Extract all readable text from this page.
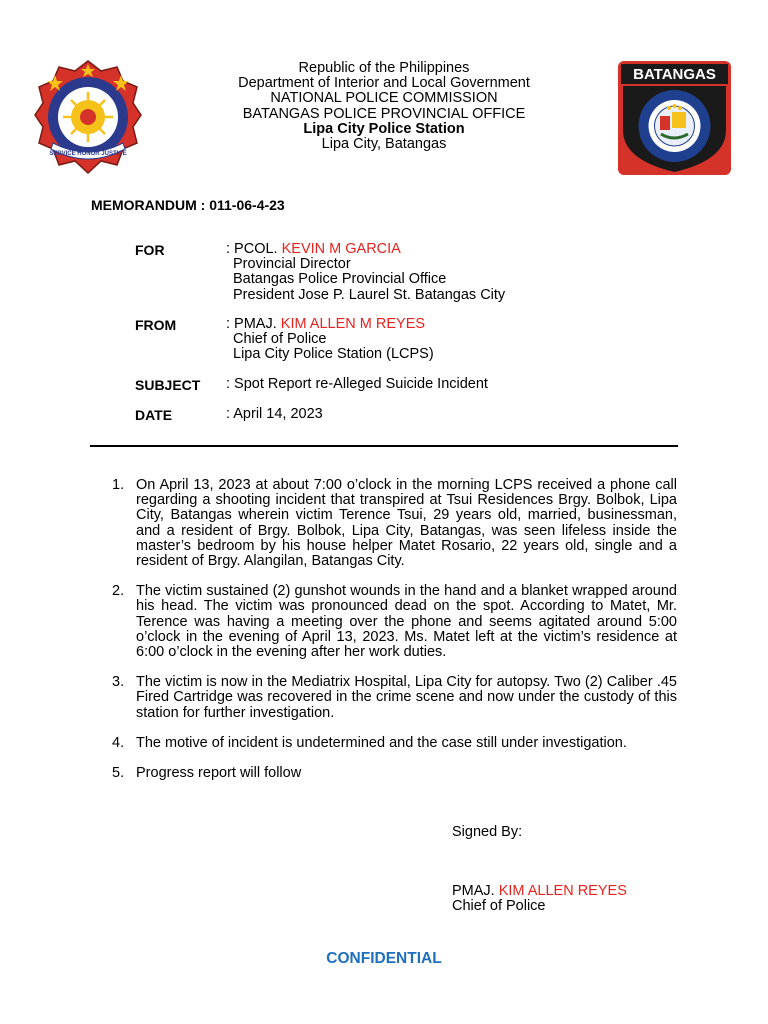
SERVICE HONOR JUSTICE
Republic of the Philippines
Department of Interior and Local Government
NATIONAL POLICE COMMISSION
BATANGAS POLICE PROVINCIAL OFFICE
Lipa City Police Station
Lipa City, Batangas
BATANGAS
MEMORANDUM : 011-06-4-23
FOR	: PCOL. KEVIN M GARCIA
Provincial Director
Batangas Police Provincial Office
President Jose P. Laurel St. Batangas City
FROM	: PMAJ. KIM ALLEN M REYES
Chief of Police
Lipa City Police Station (LCPS)
SUBJECT : Spot Report re-Alleged Suicide Incident
DATE	: April 14, 2023
1. On April 13, 2023 at about 7:00 o’clock in the morning LCPS received a phone call regarding a shooting incident that transpired at Tsui Residences Brgy. Bolbok, Lipa City, Batangas wherein victim Terence Tsui, 29 years old, married, businessman, and a resident of Brgy. Bolbok, Lipa City, Batangas, was seen lifeless inside the master’s bedroom by his house helper Matet Rosario, 22 years old, single and a resident of Brgy. Alangilan, Batangas City.
2. The victim sustained (2) gunshot wounds in the hand and a blanket wrapped around his head. The victim was pronounced dead on the spot. According to Matet, Mr. Terence was having a meeting over the phone and seems agitated around 5:00 o’clock in the evening of April 13, 2023. Ms. Matet left at the victim’s residence at 6:00 o’clock in the evening after her work duties.
3. The victim is now in the Mediatrix Hospital, Lipa City for autopsy. Two (2) Caliber .45 Fired Cartridge was recovered in the crime scene and now under the custody of this station for further investigation.
4. The motive of incident is undetermined and the case still under investigation.
5. Progress report will follow
Signed By:
PMAJ. KIM ALLEN REYES
Chief of Police
CONFIDENTIAL
